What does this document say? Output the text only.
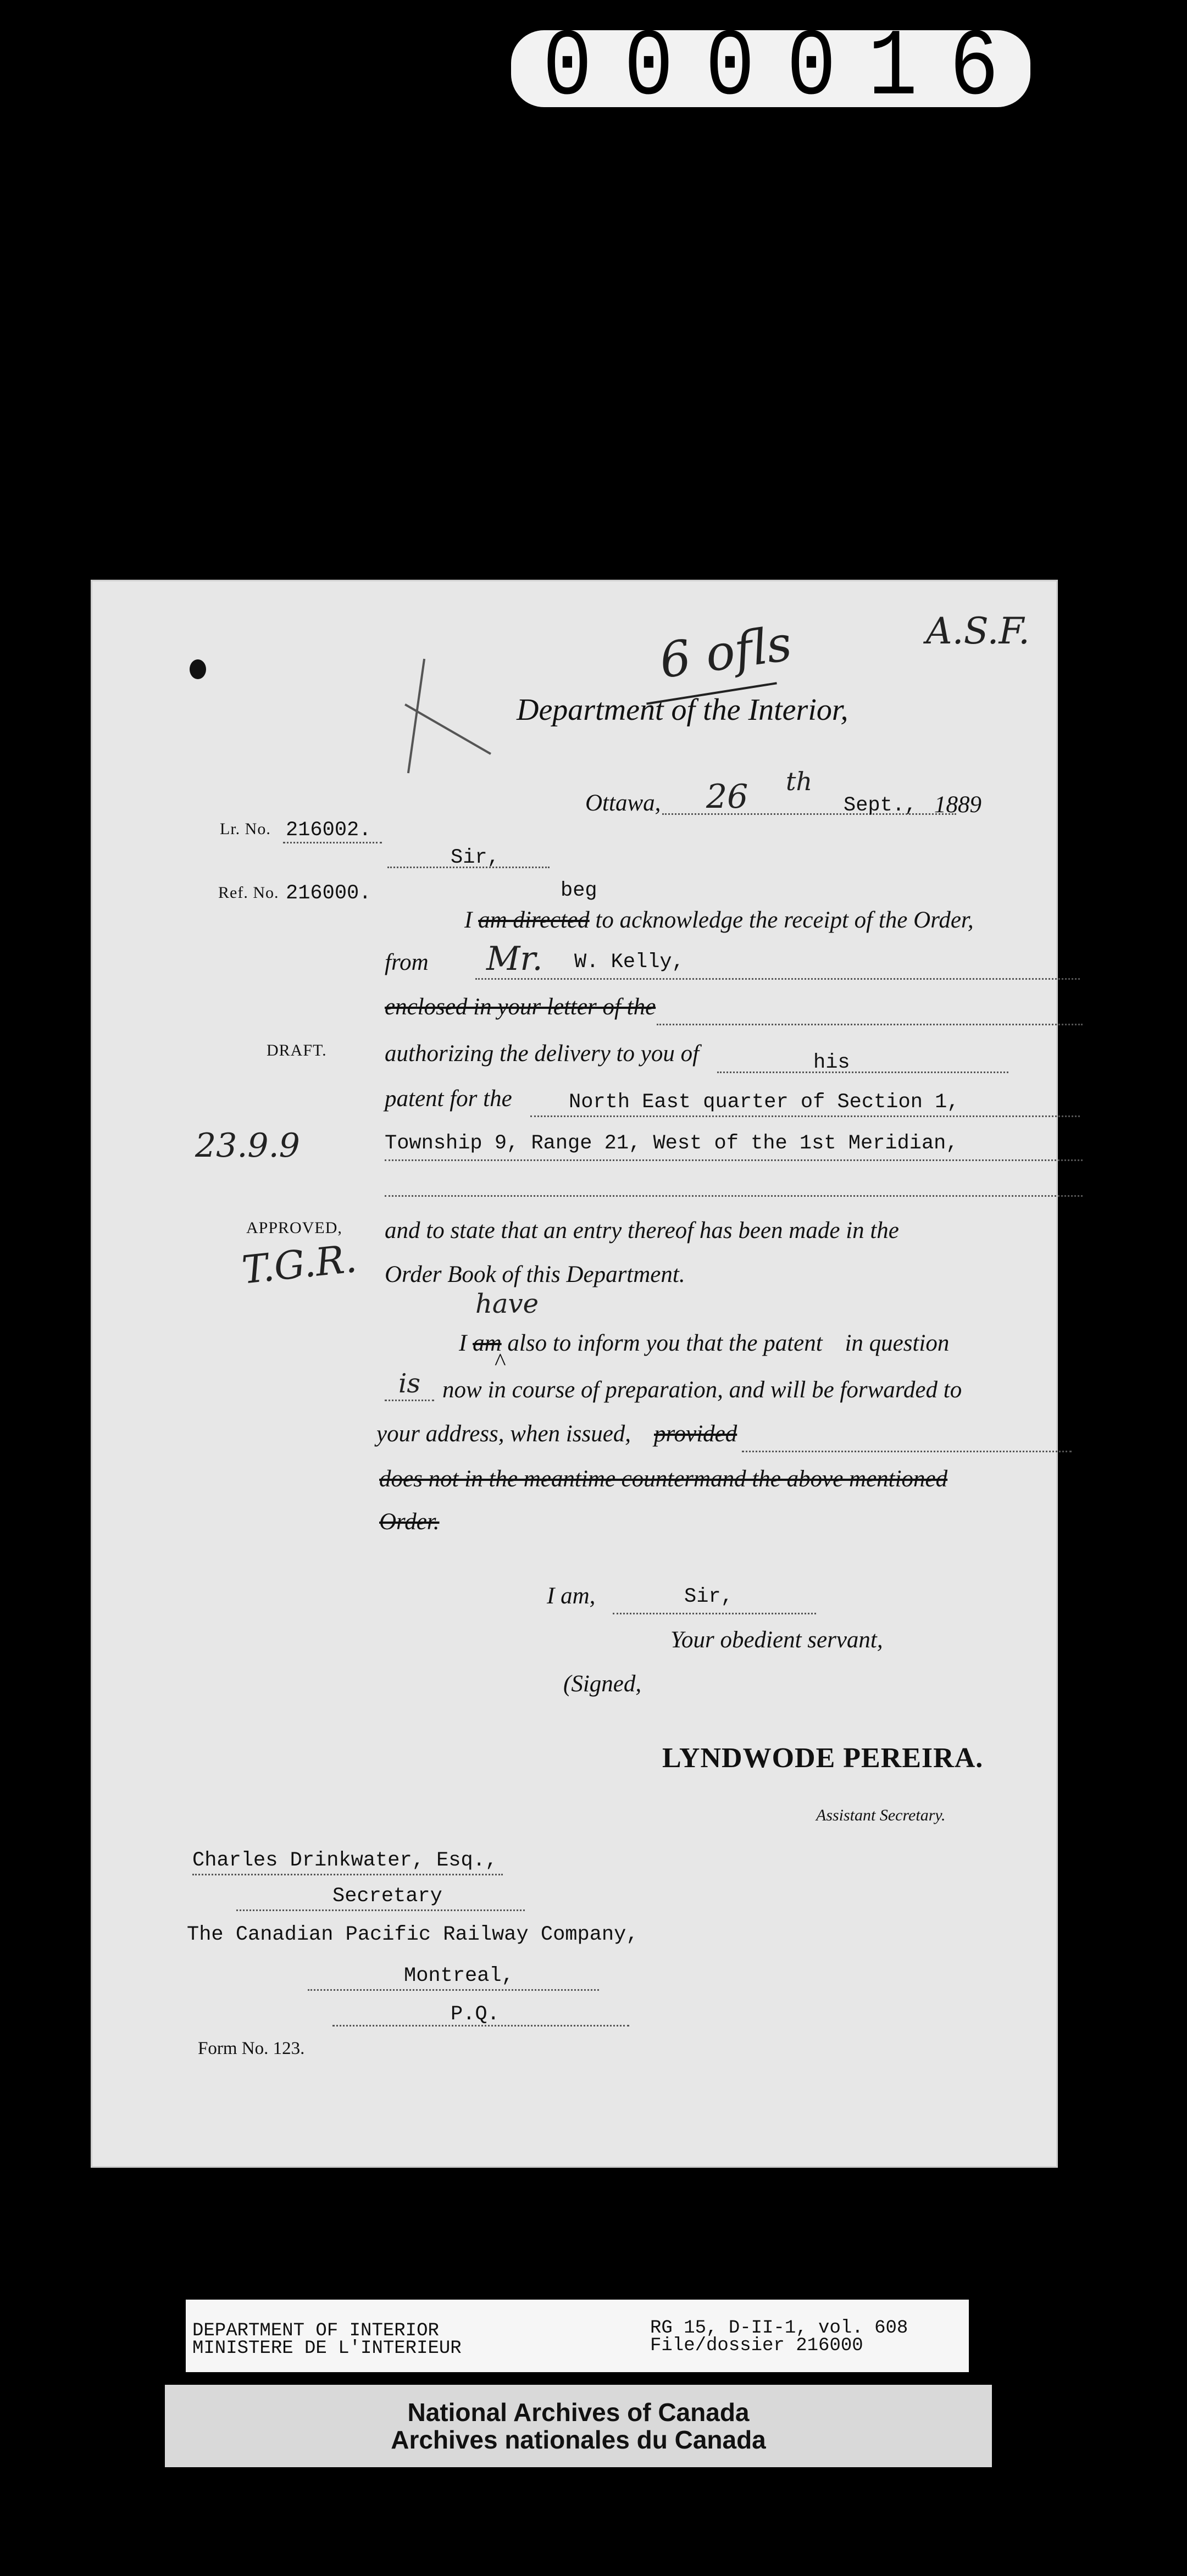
000016
6 ofls	A.S.F.
Department of the Interior,
Ottawa, 26 th
Sept., 1889
Lr. No. 216002.
Ref. No. 216000.
Sir,
beg
I am directed to acknowledge the receipt of the Order,
from Mr. W. Kelly,
enclosed in your letter of the
DRAFT. authorizing the delivery to you of	his
patent for the	North East quarter of Section 1,
23.9.9	Township 9, Range 21, West of the 1st Meridian,
APPROVED,
T.G.R.
and to state that an entry thereof has been made in the
Order Book of this Department.
have
^
I am also to inform you that the patent in question
is now in course of preparation, and will be forwarded to
your address, when issued, provided
does not in the meantime countermand the above mentioned
Order.
I am,	Sir,
Your obedient servant,
(Signed,
LYNDWODE PEREIRA.
Assistant Secretary.
Charles Drinkwater, Esq.,
Secretary
The Canadian Pacific Railway Company,
Montreal,
P.Q.
Form No. 123.
DEPARTMENT OF INTERIOR
MINISTERE DE L'INTERIEUR
RG 15, D-II-1, vol. 608
File/dossier 216000
National Archives of Canada
Archives nationales du Canada
